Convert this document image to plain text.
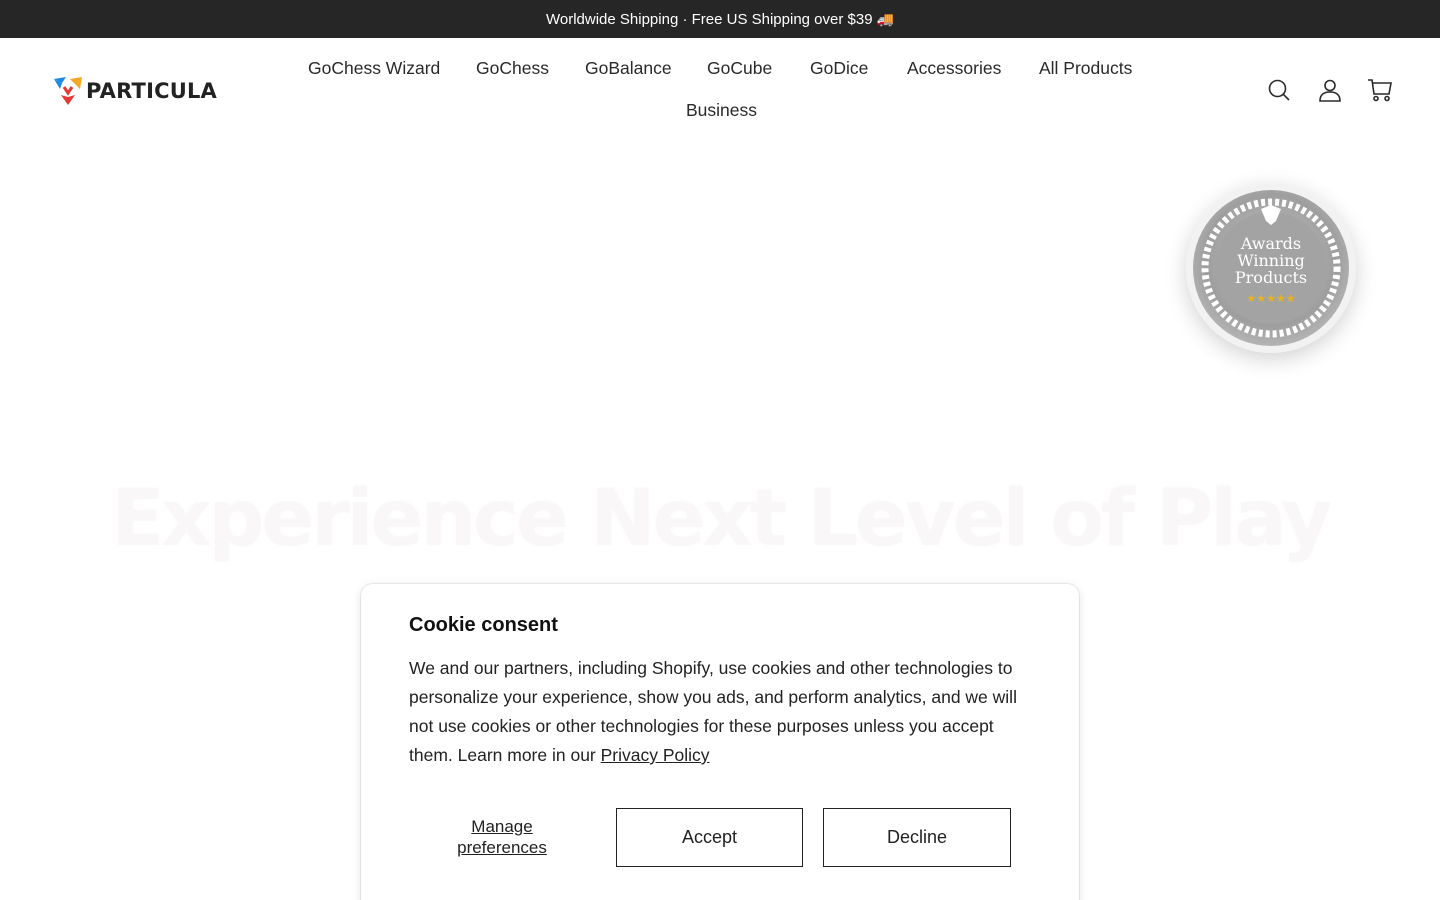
Worldwide Shipping · Free US Shipping over $39 🚚
PARTICULA
GoChess Wizard GoChess GoBalance GoCube GoDice Accessories All Products
Business
Experience Next Level of Play
Awards
Winning
Products
★★★★★
Cookie consent

We and our partners, including Shopify, use cookies and other technologies to personalize your experience, show you ads, and perform analytics, and we will not use cookies or other technologies for these purposes unless you accept them. Learn more in our Privacy Policy

Manage preferences
Accept	Decline
